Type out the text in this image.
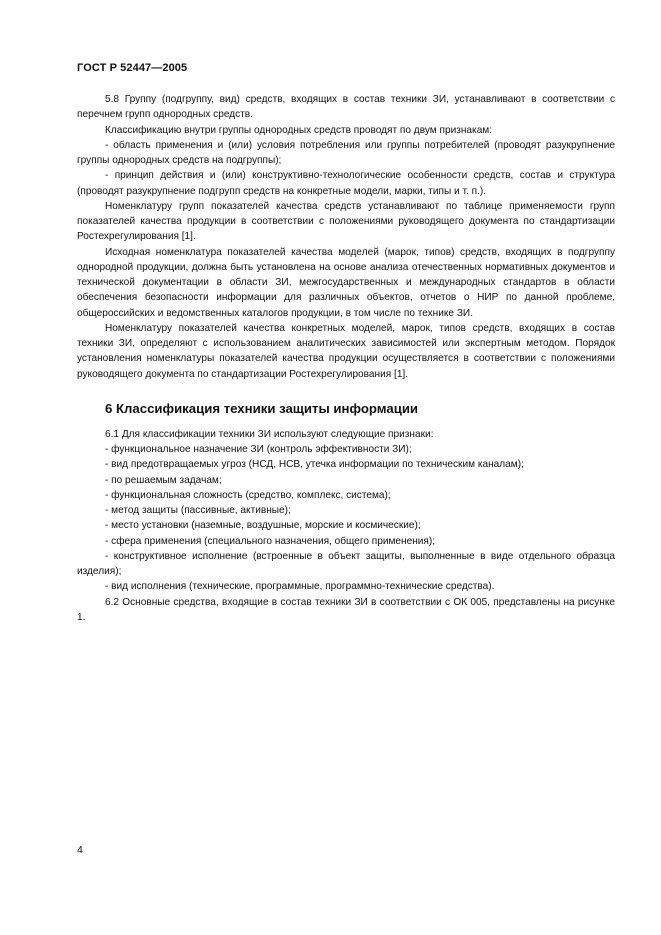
ГОСТ Р 52447—2005

5.8 Группу (подгруппу, вид) средств, входящих в состав техники ЗИ, устанавливают в соответствии с перечнем групп однородных средств.

Классификацию внутри группы однородных средств проводят по двум признакам:

- область применения и (или) условия потребления или группы потребителей (проводят разукрупнение группы однородных средств на подгруппы);

- принцип действия и (или) конструктивно-технологические особенности средств, состав и структура (проводят разукрупнение подгрупп средств на конкретные модели, марки, типы и т. п.).

Номенклатуру групп показателей качества средств устанавливают по таблице применяемости групп показателей качества продукции в соответствии с положениями руководящего документа по стандартизации Ростехрегулирования [1].

Исходная номенклатура показателей качества моделей (марок, типов) средств, входящих в подгруппу однородной продукции, должна быть установлена на основе анализа отечественных нормативных документов и технической документации в области ЗИ, межгосударственных и международных стандартов в области обеспечения безопасности информации для различных объектов, отчетов о НИР по данной проблеме, общероссийских и ведомственных каталогов продукции, в том числе по технике ЗИ.

Номенклатуру показателей качества конкретных моделей, марок, типов средств, входящих в состав техники ЗИ, определяют с использованием аналитических зависимостей или экспертным методом. Порядок установления номенклатуры показателей качества продукции осуществляется в соответствии с положениями руководящего документа по стандартизации Ростехрегулирования [1].

6 Классификация техники защиты информации

6.1 Для классификации техники ЗИ используют следующие признаки:

- функциональное назначение ЗИ (контроль эффективности ЗИ);

- вид предотвращаемых угроз (НСД, НСВ, утечка информации по техническим каналам);

- по решаемым задачам;

- функциональная сложность (средство, комплекс, система);

- метод защиты (пассивные, активные);

- место установки (наземные, воздушные, морские и космические);

- сфера применения (специального назначения, общего применения);

- конструктивное исполнение (встроенные в объект защиты, выполненные в виде отдельного образца изделия);

- вид исполнения (технические, программные, программно-технические средства).

6.2 Основные средства, входящие в состав техники ЗИ в соответствии с ОК 005, представлены на рисунке 1.

4
